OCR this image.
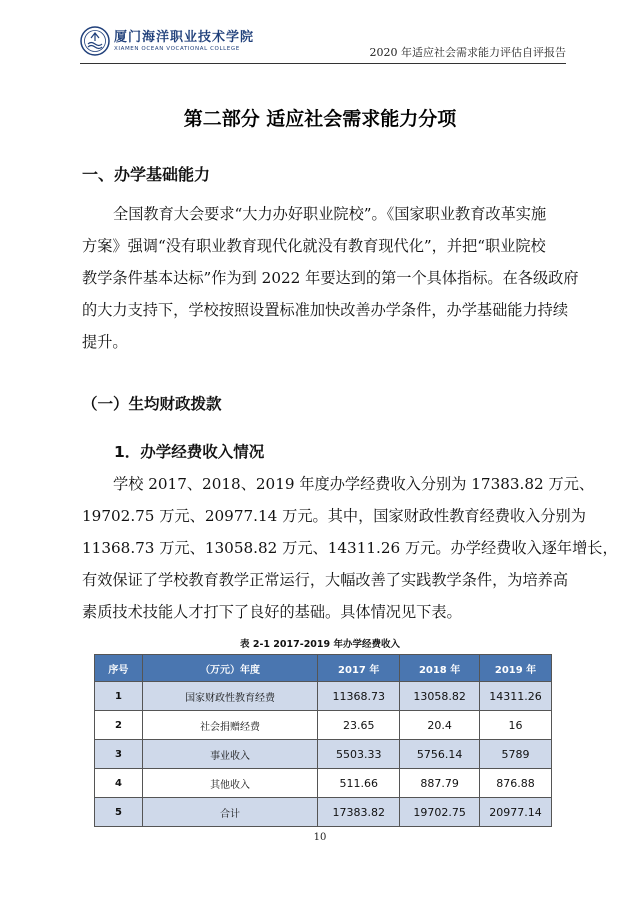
厦门海洋职业技术学院
XIAMEN OCEAN VOCATIONAL COLLEGE	2020 年适应社会需求能力评估自评报告
第二部分 适应社会需求能力分项
一、办学基础能力
全国教育大会要求“大力办好职业院校”。《国家职业教育改革实施
方案》强调“没有职业教育现代化就没有教育现代化”，并把“职业院校
教学条件基本达标”作为到 2022 年要达到的第一个具体指标。在各级政府
的大力支持下，学校按照设置标准加快改善办学条件，办学基础能力持续
提升。
（一）生均财政拨款
1．办学经费收入情况
学校 2017、2018、2019 年度办学经费收入分别为 17383.82 万元、
19702.75 万元、20977.14 万元。其中，国家财政性教育经费收入分别为
11368.73 万元、13058.82 万元、14311.26 万元。办学经费收入逐年增长，
有效保证了学校教育教学正常运行，大幅改善了实践教学条件，为培养高
素质技术技能人才打下了良好的基础。具体情况见下表。
表 2-1 2017-2019 年办学经费收入
序号	（万元）年度	2017 年	2018 年	2019 年
1	国家财政性教育经费	11368.73	13058.82	14311.26
2	社会捐赠经费	23.65	20.4	16
3	事业收入	5503.33	5756.14	5789
4	其他收入	511.66	887.79	876.88
5	合计	17383.82	19702.75	20977.14
10
